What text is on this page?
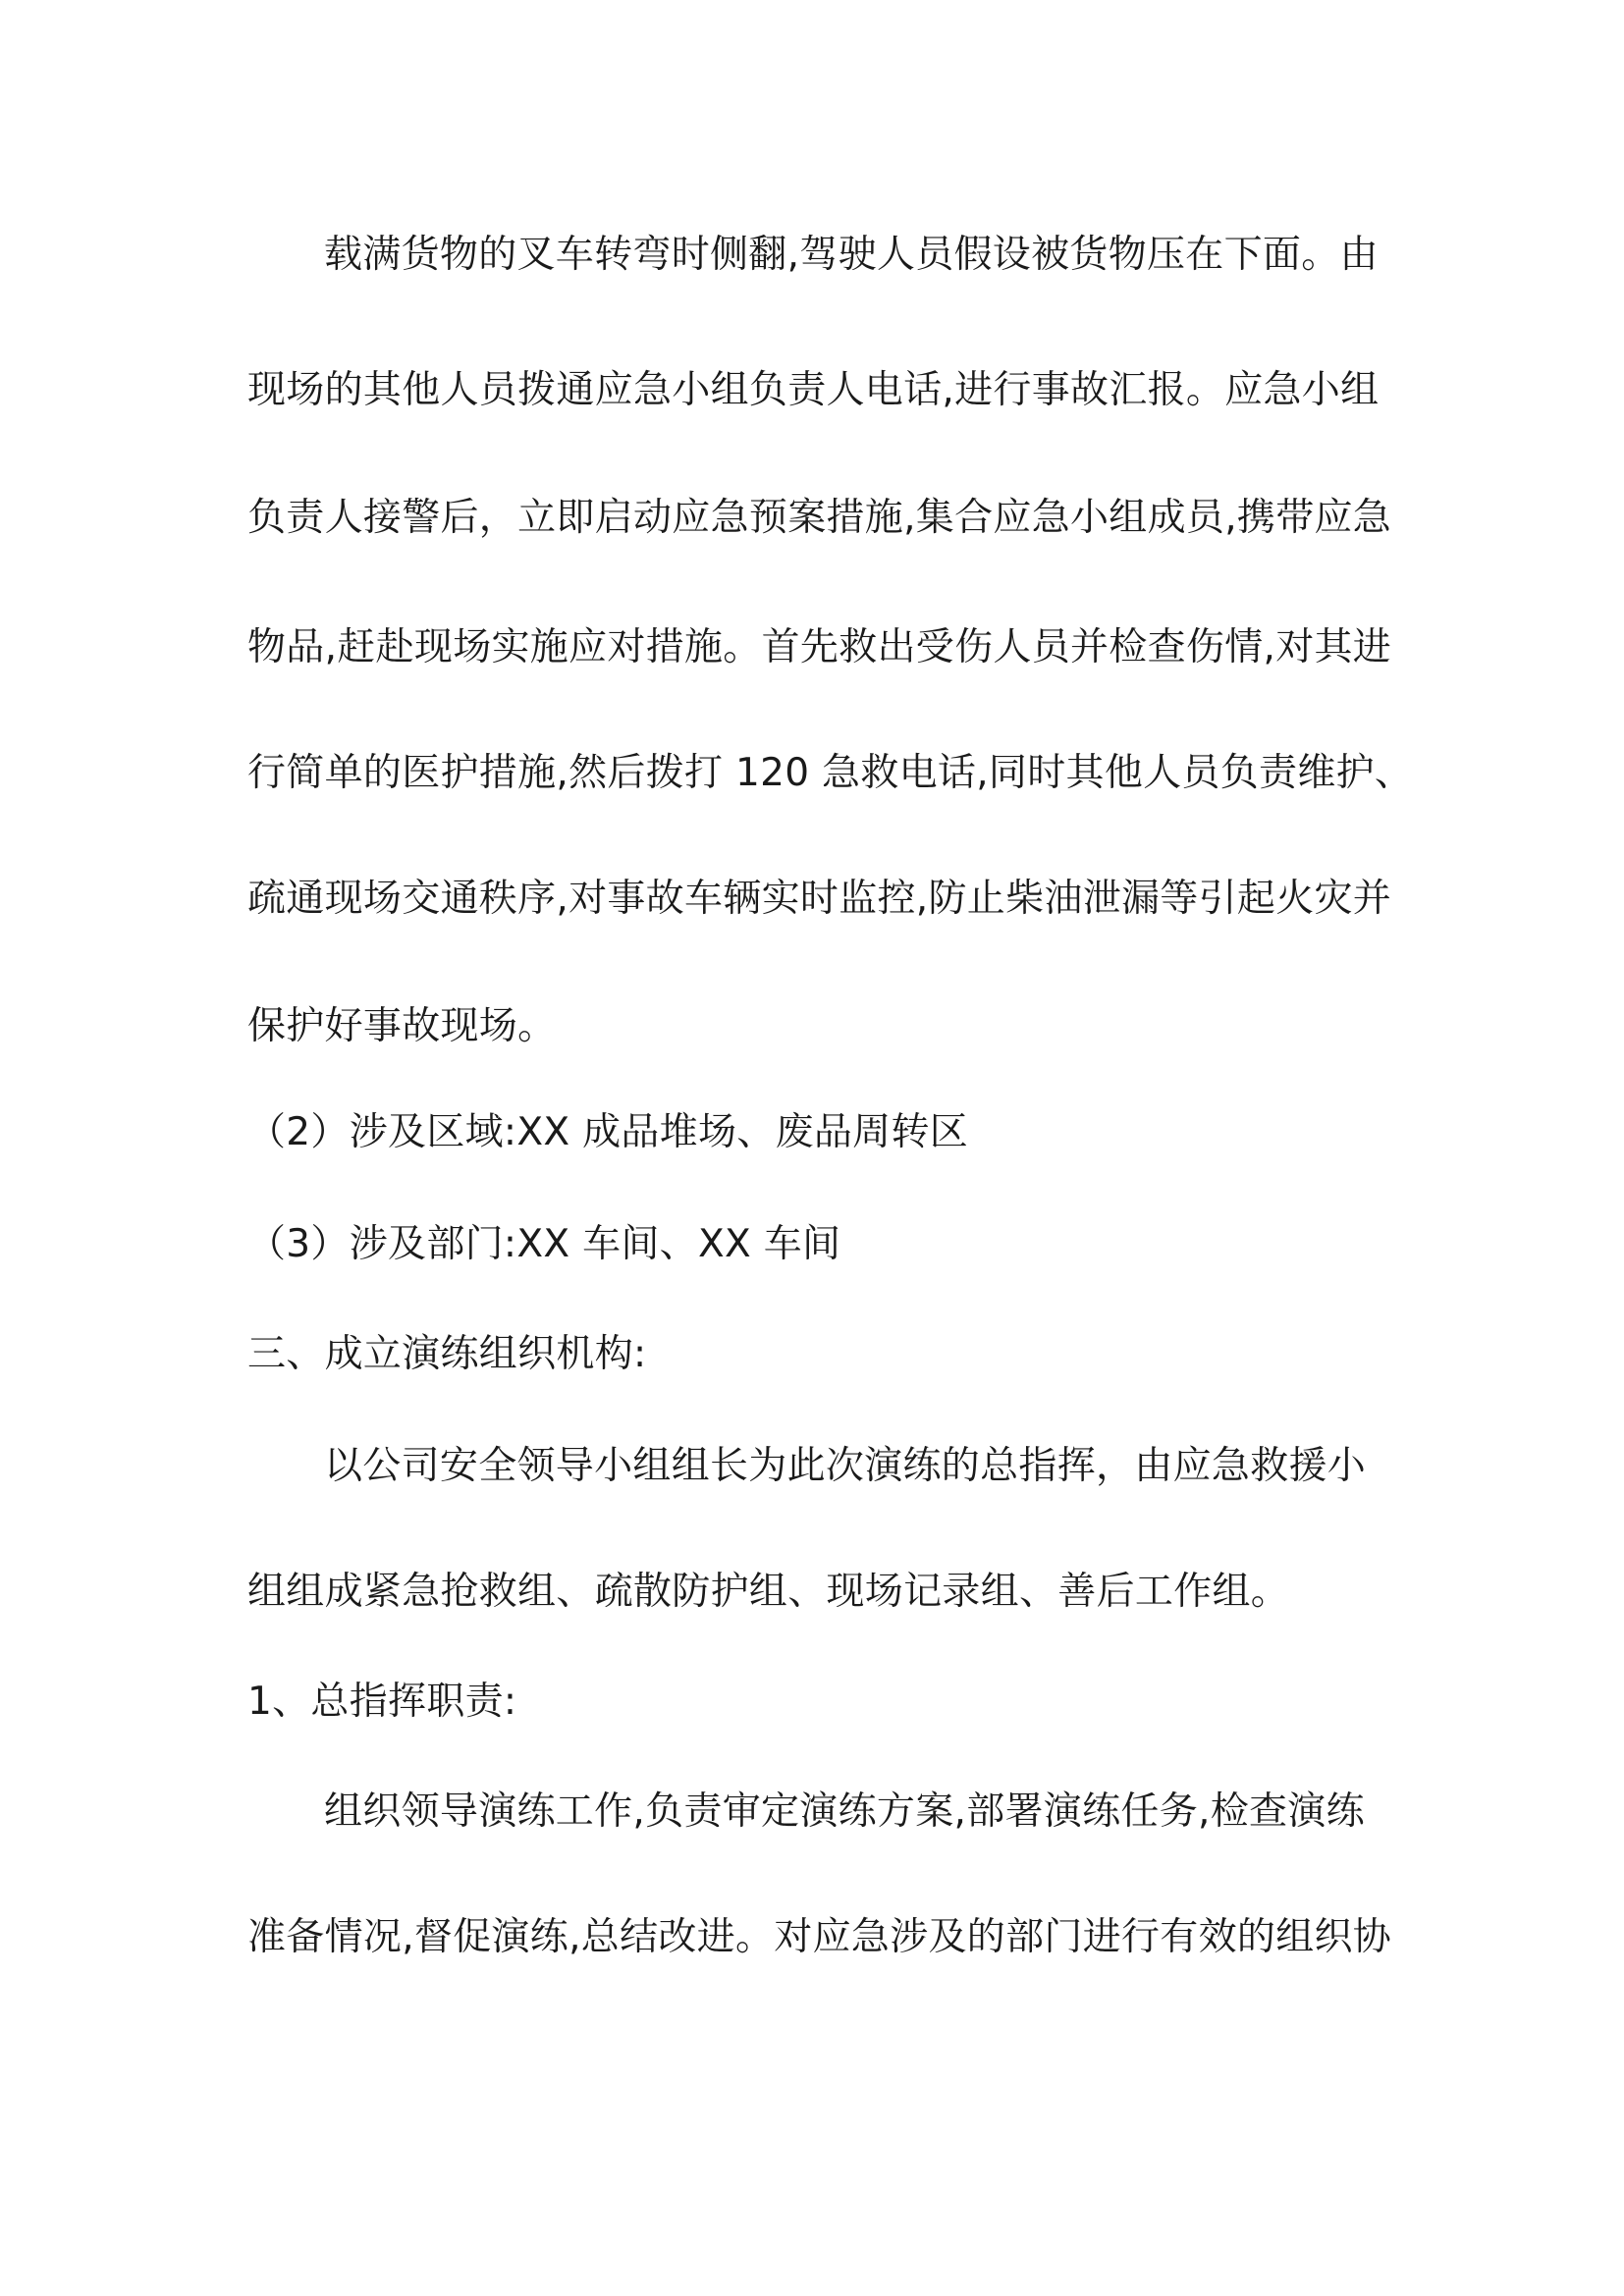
载满货物的叉车转弯时侧翻,驾驶人员假设被货物压在下面。由
现场的其他人员拨通应急小组负责人电话,进行事故汇报。应急小组
负责人接警后，立即启动应急预案措施,集合应急小组成员,携带应急
物品,赶赴现场实施应对措施。首先救出受伤人员并检查伤情,对其进
行简单的医护措施,然后拨打 120 急救电话,同时其他人员负责维护、
疏通现场交通秩序,对事故车辆实时监控,防止柴油泄漏等引起火灾并
保护好事故现场。
（2）涉及区域:XX 成品堆场、废品周转区
（3）涉及部门:XX 车间、XX 车间
三、成立演练组织机构:
以公司安全领导小组组长为此次演练的总指挥，由应急救援小
组组成紧急抢救组、疏散防护组、现场记录组、善后工作组。
1、总指挥职责:
组织领导演练工作,负责审定演练方案,部署演练任务,检查演练
准备情况,督促演练,总结改进。对应急涉及的部门进行有效的组织协
